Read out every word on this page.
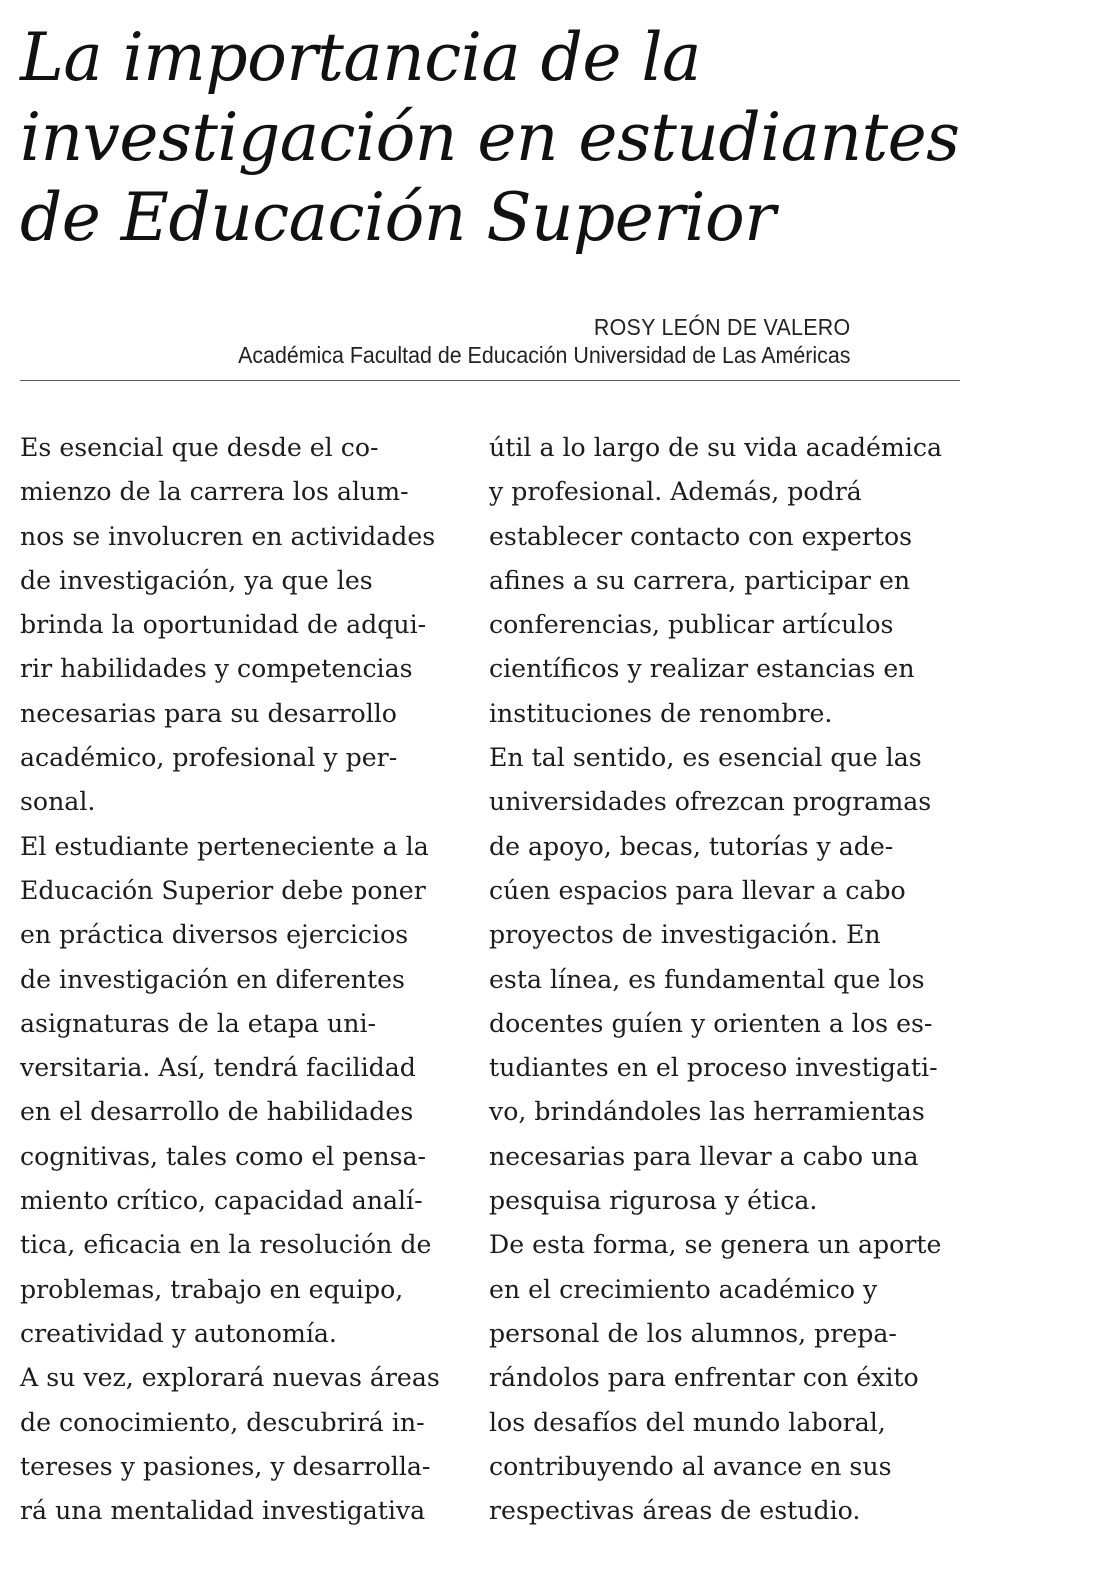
La importancia de la
investigación en estudiantes
de Educación Superior
ROSY LEÓN DE VALERO
Académica Facultad de Educación Universidad de Las Américas
Es esencial que desde el co-
mienzo de la carrera los alum-
nos se involucren en actividades
de investigación, ya que les
brinda la oportunidad de adqui-
rir habilidades y competencias
necesarias para su desarrollo
académico, profesional y per-
sonal.
El estudiante perteneciente a la
Educación Superior debe poner
en práctica diversos ejercicios
de investigación en diferentes
asignaturas de la etapa uni-
versitaria. Así, tendrá facilidad
en el desarrollo de habilidades
cognitivas, tales como el pensa-
miento crítico, capacidad analí-
tica, eficacia en la resolución de
problemas, trabajo en equipo,
creatividad y autonomía.
A su vez, explorará nuevas áreas
de conocimiento, descubrirá in-
tereses y pasiones, y desarrolla-
rá una mentalidad investigativa
útil a lo largo de su vida académica
y profesional. Además, podrá
establecer contacto con expertos
afines a su carrera, participar en
conferencias, publicar artículos
científicos y realizar estancias en
instituciones de renombre.
En tal sentido, es esencial que las
universidades ofrezcan programas
de apoyo, becas, tutorías y ade-
cúen espacios para llevar a cabo
proyectos de investigación. En
esta línea, es fundamental que los
docentes guíen y orienten a los es-
tudiantes en el proceso investigati-
vo, brindándoles las herramientas
necesarias para llevar a cabo una
pesquisa rigurosa y ética.
De esta forma, se genera un aporte
en el crecimiento académico y
personal de los alumnos, prepa-
rándolos para enfrentar con éxito
los desafíos del mundo laboral,
contribuyendo al avance en sus
respectivas áreas de estudio.
